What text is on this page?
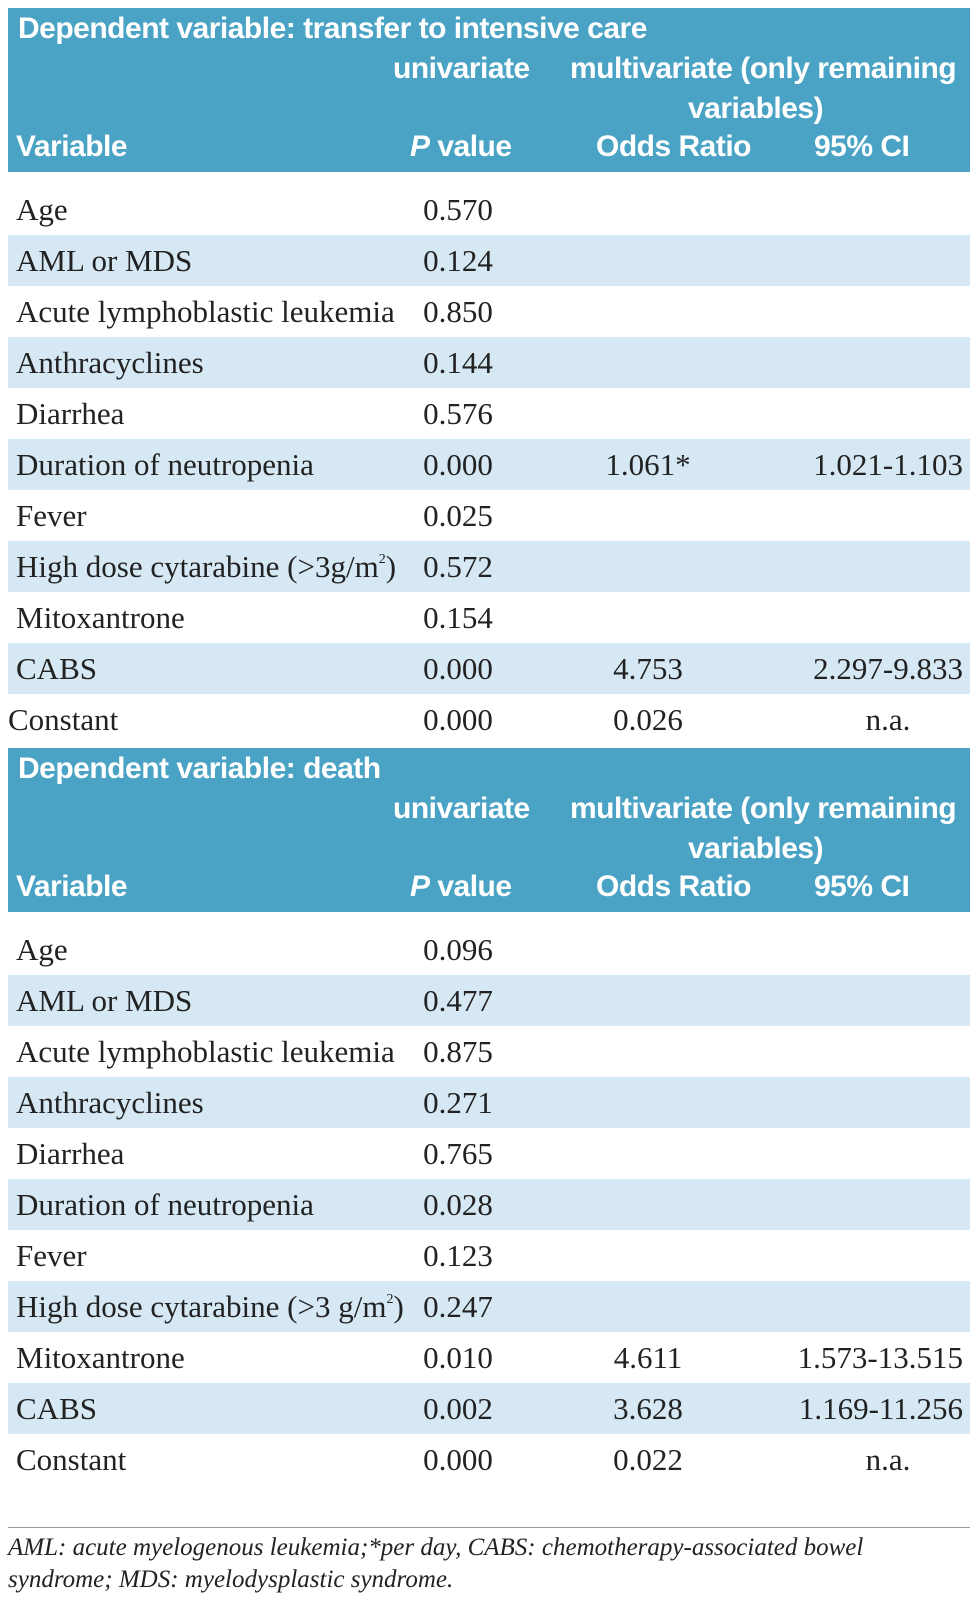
Dependent variable: transfer to intensive care
univariate multivariate (only remaining
variables)
Variable	P value	Odds Ratio 95% CI
Age	0.570
AML or MDS	0.124
Acute lymphoblastic leukemia 0.850
Anthracyclines	0.144
Diarrhea	0.576
Duration of neutropenia	0.000	1.061*	1.021-1.103
Fever	0.025
High dose cytarabine $(>3g/m^2)$ 0.572
Mitoxantrone	0.154
CABS	0.000	4.753	2.297-9.833
Constant	0.000	0.026	n.a.
Dependent variable: death
univariate multivariate (only remaining
variables)
Variable	P value	Odds Ratio 95% CI
Age	0.096
AML or MDS	0.477
Acute lymphoblastic leukemia 0.875
Anthracyclines	0.271
Diarrhea	0.765
Duration of neutropenia	0.028
Fever	0.123
High dose cytarabine (>3 $g/m^2$) 0.247
Mitoxantrone	0.010	4.611	1.573-13.515
CABS	0.002	3.628	1.169-11.256
Constant	0.000	0.022	n.a.
AML: acute myelogenous leukemia;*per day, CABS: chemotherapy-associated bowel syndrome; MDS: myelodysplastic syndrome.
